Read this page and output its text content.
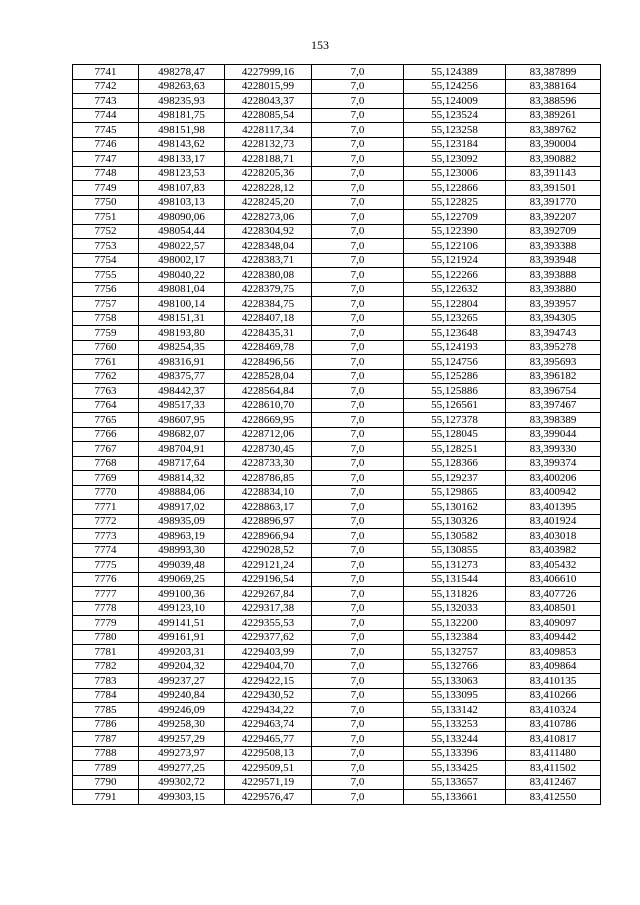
153
7741	498278,47	4227999,16	7,0	55,124389	83,387899
7742	498263,63	4228015,99	7,0	55,124256	83,388164
7743	498235,93	4228043,37	7,0	55,124009	83,388596
7744	498181,75	4228085,54	7,0	55,123524	83,389261
7745	498151,98	4228117,34	7,0	55,123258	83,389762
7746	498143,62	4228132,73	7,0	55,123184	83,390004
7747	498133,17	4228188,71	7,0	55,123092	83,390882
7748	498123,53	4228205,36	7,0	55,123006	83,391143
7749	498107,83	4228228,12	7,0	55,122866	83,391501
7750	498103,13	4228245,20	7,0	55,122825	83,391770
7751	498090,06	4228273,06	7,0	55,122709	83,392207
7752	498054,44	4228304,92	7,0	55,122390	83,392709
7753	498022,57	4228348,04	7,0	55,122106	83,393388
7754	498002,17	4228383,71	7,0	55,121924	83,393948
7755	498040,22	4228380,08	7,0	55,122266	83,393888
7756	498081,04	4228379,75	7,0	55,122632	83,393880
7757	498100,14	4228384,75	7,0	55,122804	83,393957
7758	498151,31	4228407,18	7,0	55,123265	83,394305
7759	498193,80	4228435,31	7,0	55,123648	83,394743
7760	498254,35	4228469,78	7,0	55,124193	83,395278
7761	498316,91	4228496,56	7,0	55,124756	83,395693
7762	498375,77	4228528,04	7,0	55,125286	83,396182
7763	498442,37	4228564,84	7,0	55,125886	83,396754
7764	498517,33	4228610,70	7,0	55,126561	83,397467
7765	498607,95	4228669,95	7,0	55,127378	83,398389
7766	498682,07	4228712,06	7,0	55,128045	83,399044
7767	498704,91	4228730,45	7,0	55,128251	83,399330
7768	498717,64	4228733,30	7,0	55,128366	83,399374
7769	498814,32	4228786,85	7,0	55,129237	83,400206
7770	498884,06	4228834,10	7,0	55,129865	83,400942
7771	498917,02	4228863,17	7,0	55,130162	83,401395
7772	498935,09	4228896,97	7,0	55,130326	83,401924
7773	498963,19	4228966,94	7,0	55,130582	83,403018
7774	498993,30	4229028,52	7,0	55,130855	83,403982
7775	499039,48	4229121,24	7,0	55,131273	83,405432
7776	499069,25	4229196,54	7,0	55,131544	83,406610
7777	499100,36	4229267,84	7,0	55,131826	83,407726
7778	499123,10	4229317,38	7,0	55,132033	83,408501
7779	499141,51	4229355,53	7,0	55,132200	83,409097
7780	499161,91	4229377,62	7,0	55,132384	83,409442
7781	499203,31	4229403,99	7,0	55,132757	83,409853
7782	499204,32	4229404,70	7,0	55,132766	83,409864
7783	499237,27	4229422,15	7,0	55,133063	83,410135
7784	499240,84	4229430,52	7,0	55,133095	83,410266
7785	499246,09	4229434,22	7,0	55,133142	83,410324
7786	499258,30	4229463,74	7,0	55,133253	83,410786
7787	499257,29	4229465,77	7,0	55,133244	83,410817
7788	499273,97	4229508,13	7,0	55,133396	83,411480
7789	499277,25	4229509,51	7,0	55,133425	83,411502
7790	499302,72	4229571,19	7,0	55,133657	83,412467
7791	499303,15	4229576,47	7,0	55,133661	83,412550
